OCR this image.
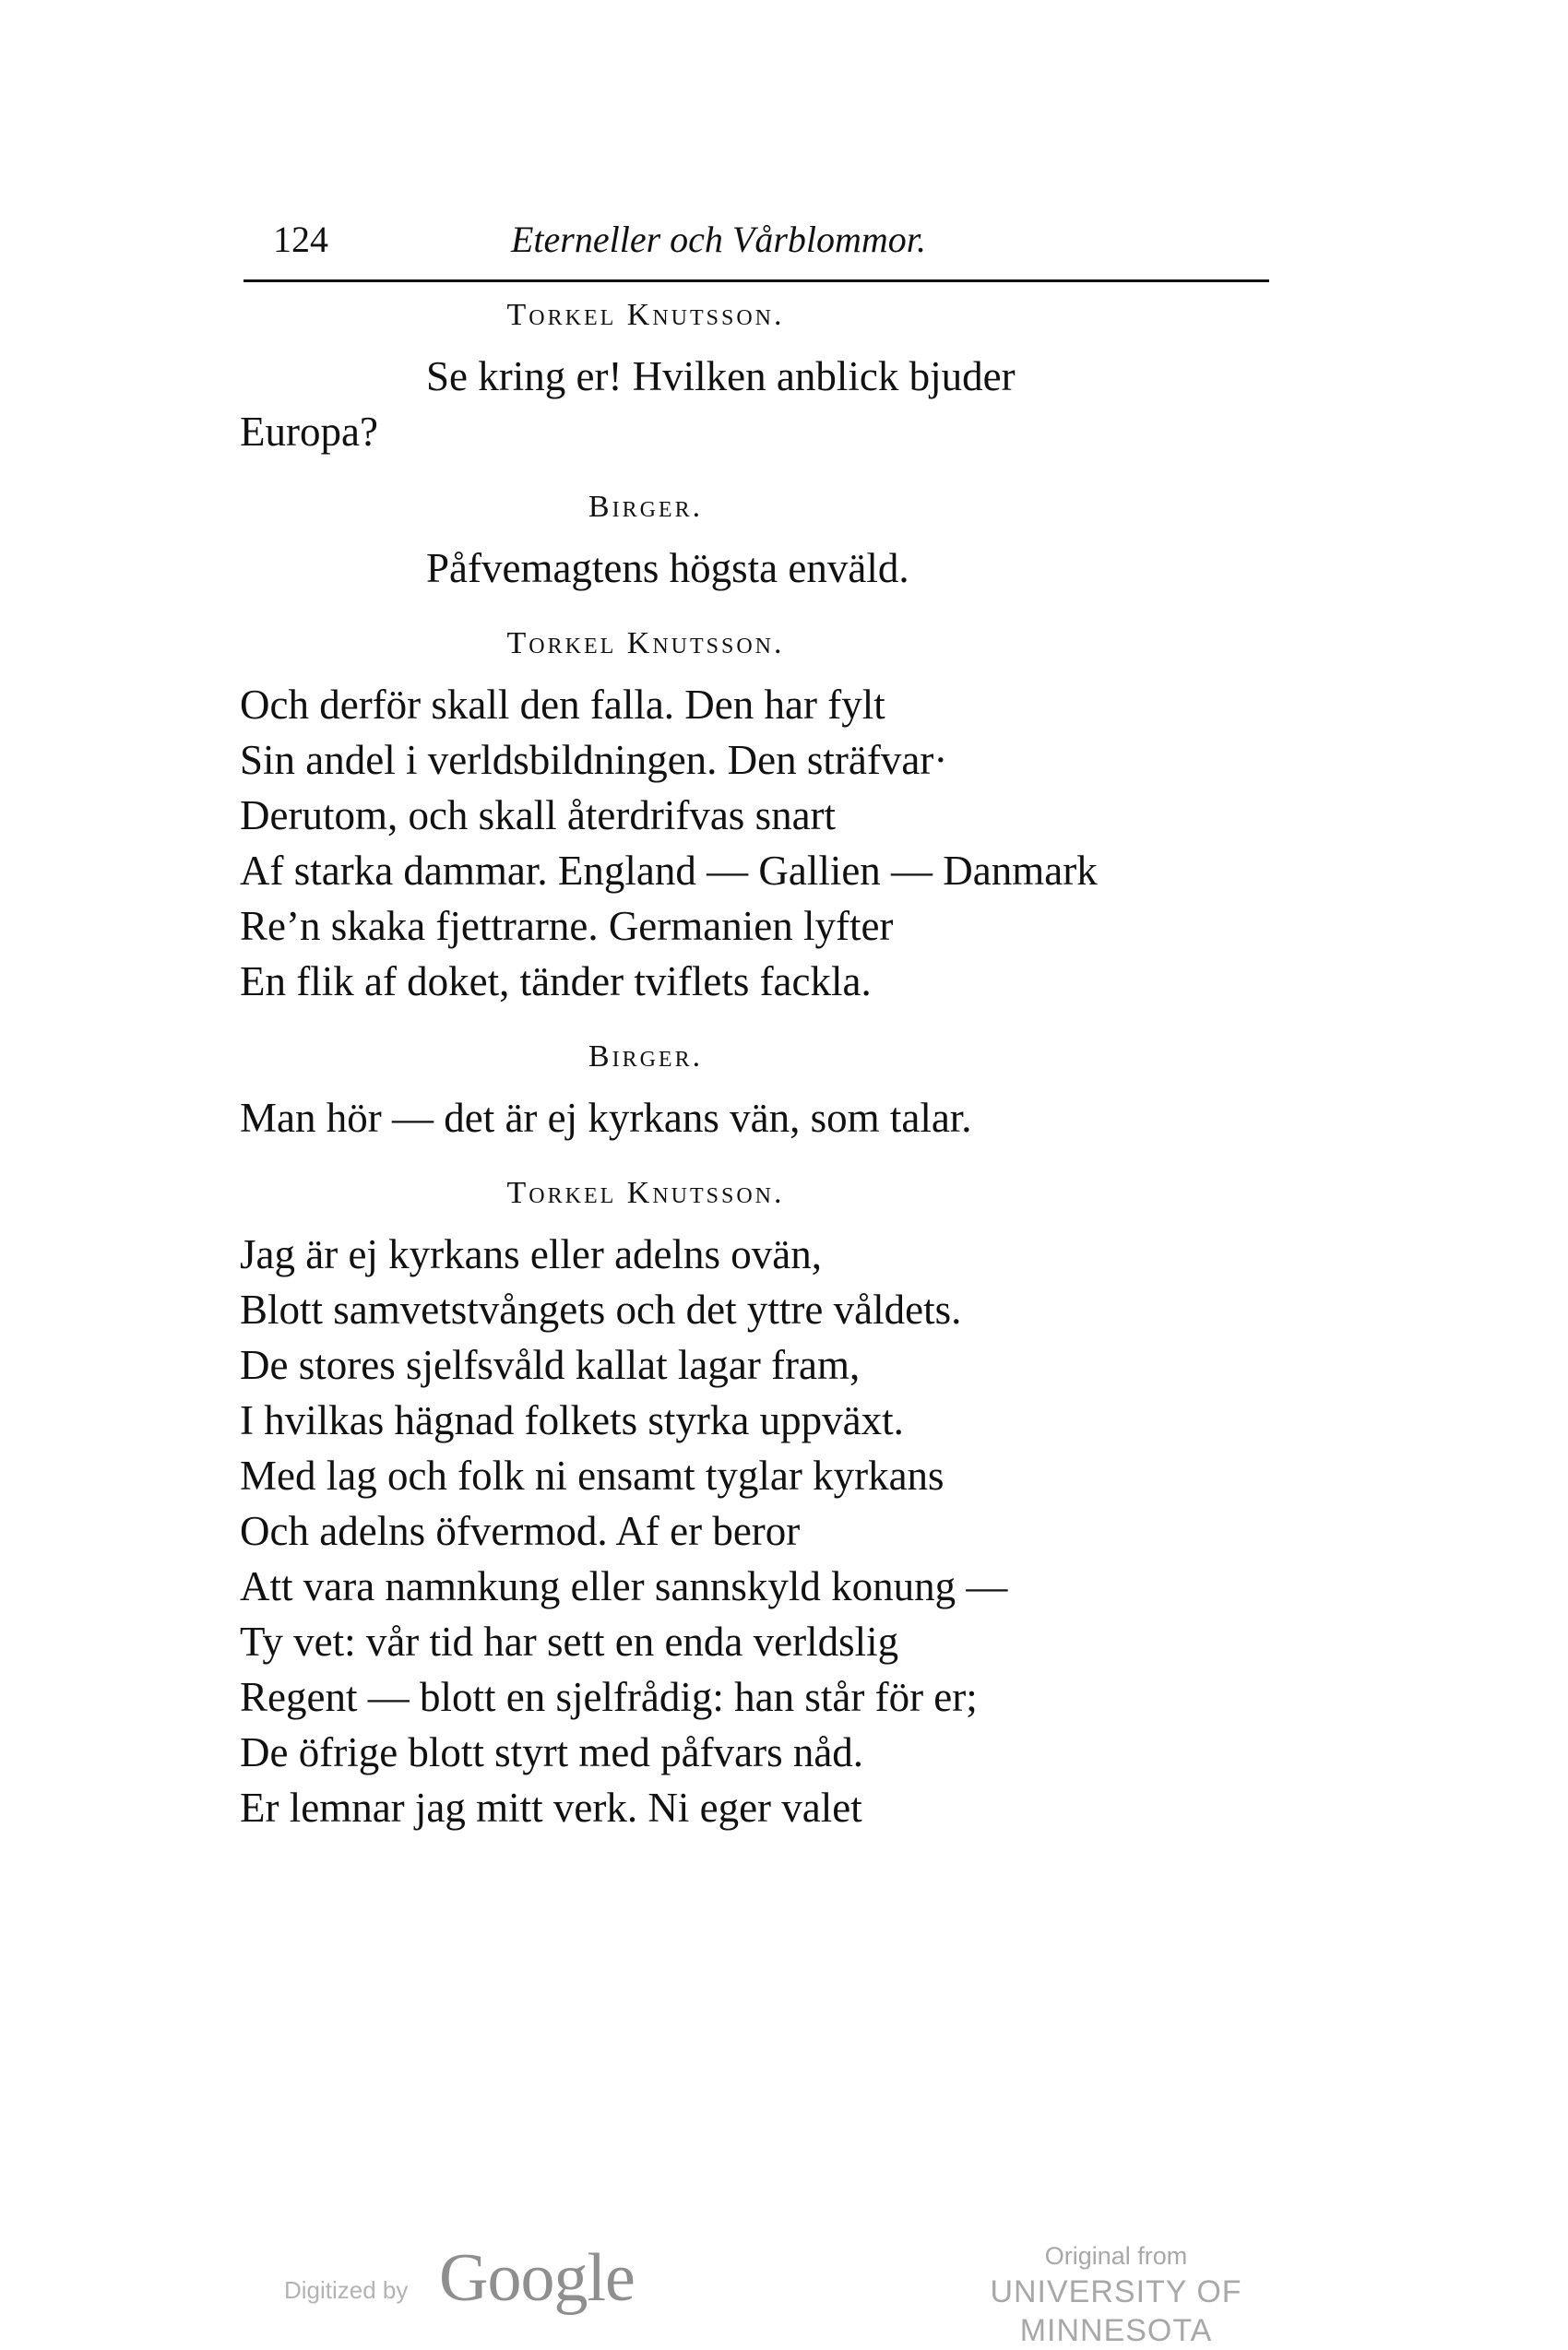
124	Eterneller och Vårblommor.
Torkel Knutsson.
Se kring er! Hvilken anblick bjuder
Europa?
Birger.
Påfvemagtens högsta enväld.
Torkel Knutsson.
Och derför skall den falla. Den har fylt
Sin andel i verldsbildningen. Den sträfvar·
Derutom, och skall återdrifvas snart
Af starka dammar. England — Gallien — Danmark
Re’n skaka fjettrarne. Germanien lyfter
En flik af doket, tänder tviflets fackla.
Birger.
Man hör — det är ej kyrkans vän, som talar.
Torkel Knutsson.
Jag är ej kyrkans eller adelns ovän,
Blott samvetstvångets och det yttre våldets.
De stores sjelfsvåld kallat lagar fram,
I hvilkas hägnad folkets styrka uppväxt.
Med lag och folk ni ensamt tyglar kyrkans
Och adelns öfvermod. Af er beror
Att vara namnkung eller sannskyld konung —
Ty vet: vår tid har sett en enda verldslig
Regent — blott en sjelfrådig: han står för er;
De öfrige blott styrt med påfvars nåd.
Er lemnar jag mitt verk. Ni eger valet
Digitized by Google	Original from
UNIVERSITY OF MINNESOTA
